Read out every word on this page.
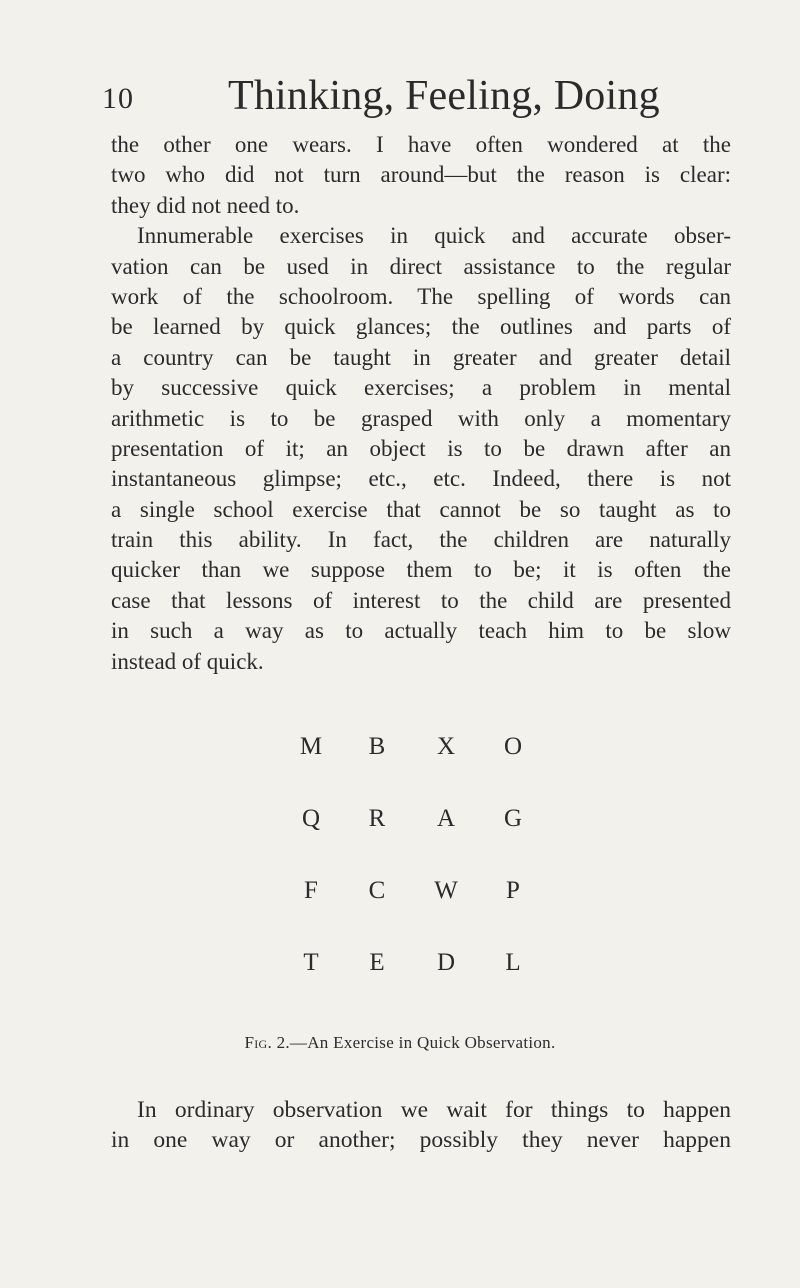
10 Thinking, Feeling, Doing
the other one wears. I have often wondered at the
two who did not turn around—but the reason is clear:
they did not need to.
Innumerable exercises in quick and accurate obser-
vation can be used in direct assistance to the regular
work of the schoolroom. The spelling of words can
be learned by quick glances; the outlines and parts of
a country can be taught in greater and greater detail
by successive quick exercises; a problem in mental
arithmetic is to be grasped with only a momentary
presentation of it; an object is to be drawn after an
instantaneous glimpse; etc., etc. Indeed, there is not
a single school exercise that cannot be so taught as to
train this ability. In fact, the children are naturally
quicker than we suppose them to be; it is often the
case that lessons of interest to the child are presented
in such a way as to actually teach him to be slow
instead of quick.
M B X O
Q R A G
F C W P
T E D L
Fig. 2.—An Exercise in Quick Observation.
In ordinary observation we wait for things to happen
in one way or another; possibly they never happen
